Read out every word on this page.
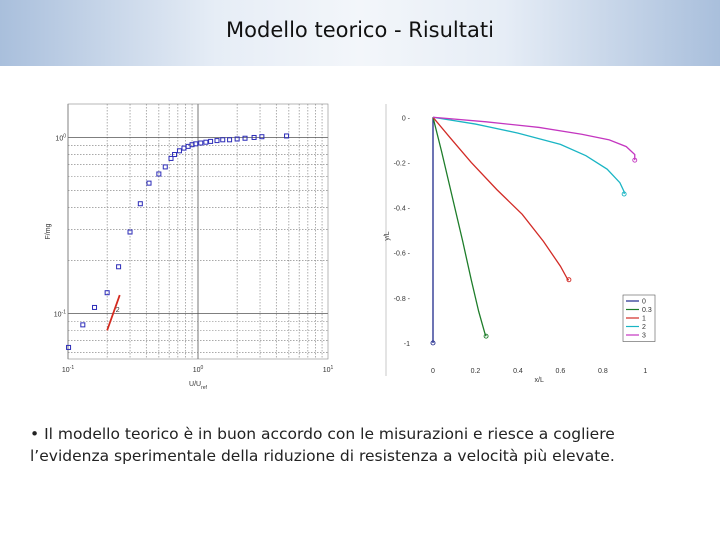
Modello teorico - Risultati
$10^{-1}$	$10^0$	$10^1$
$10^{-1}$
$10^0$
$U/U_{ref}$
F/mg
2
0	0.2	0.4	0.6	0.8	1
0 -
-0.2 -
-0.4 -
-0.6 -
-0.8 -
-1
x/L
y/L
0
0.3
1
2
3
• Il modello teorico è in buon accordo con le misurazioni e riesce a cogliere l’evidenza sperimentale della riduzione di resistenza a velocità più elevate.
